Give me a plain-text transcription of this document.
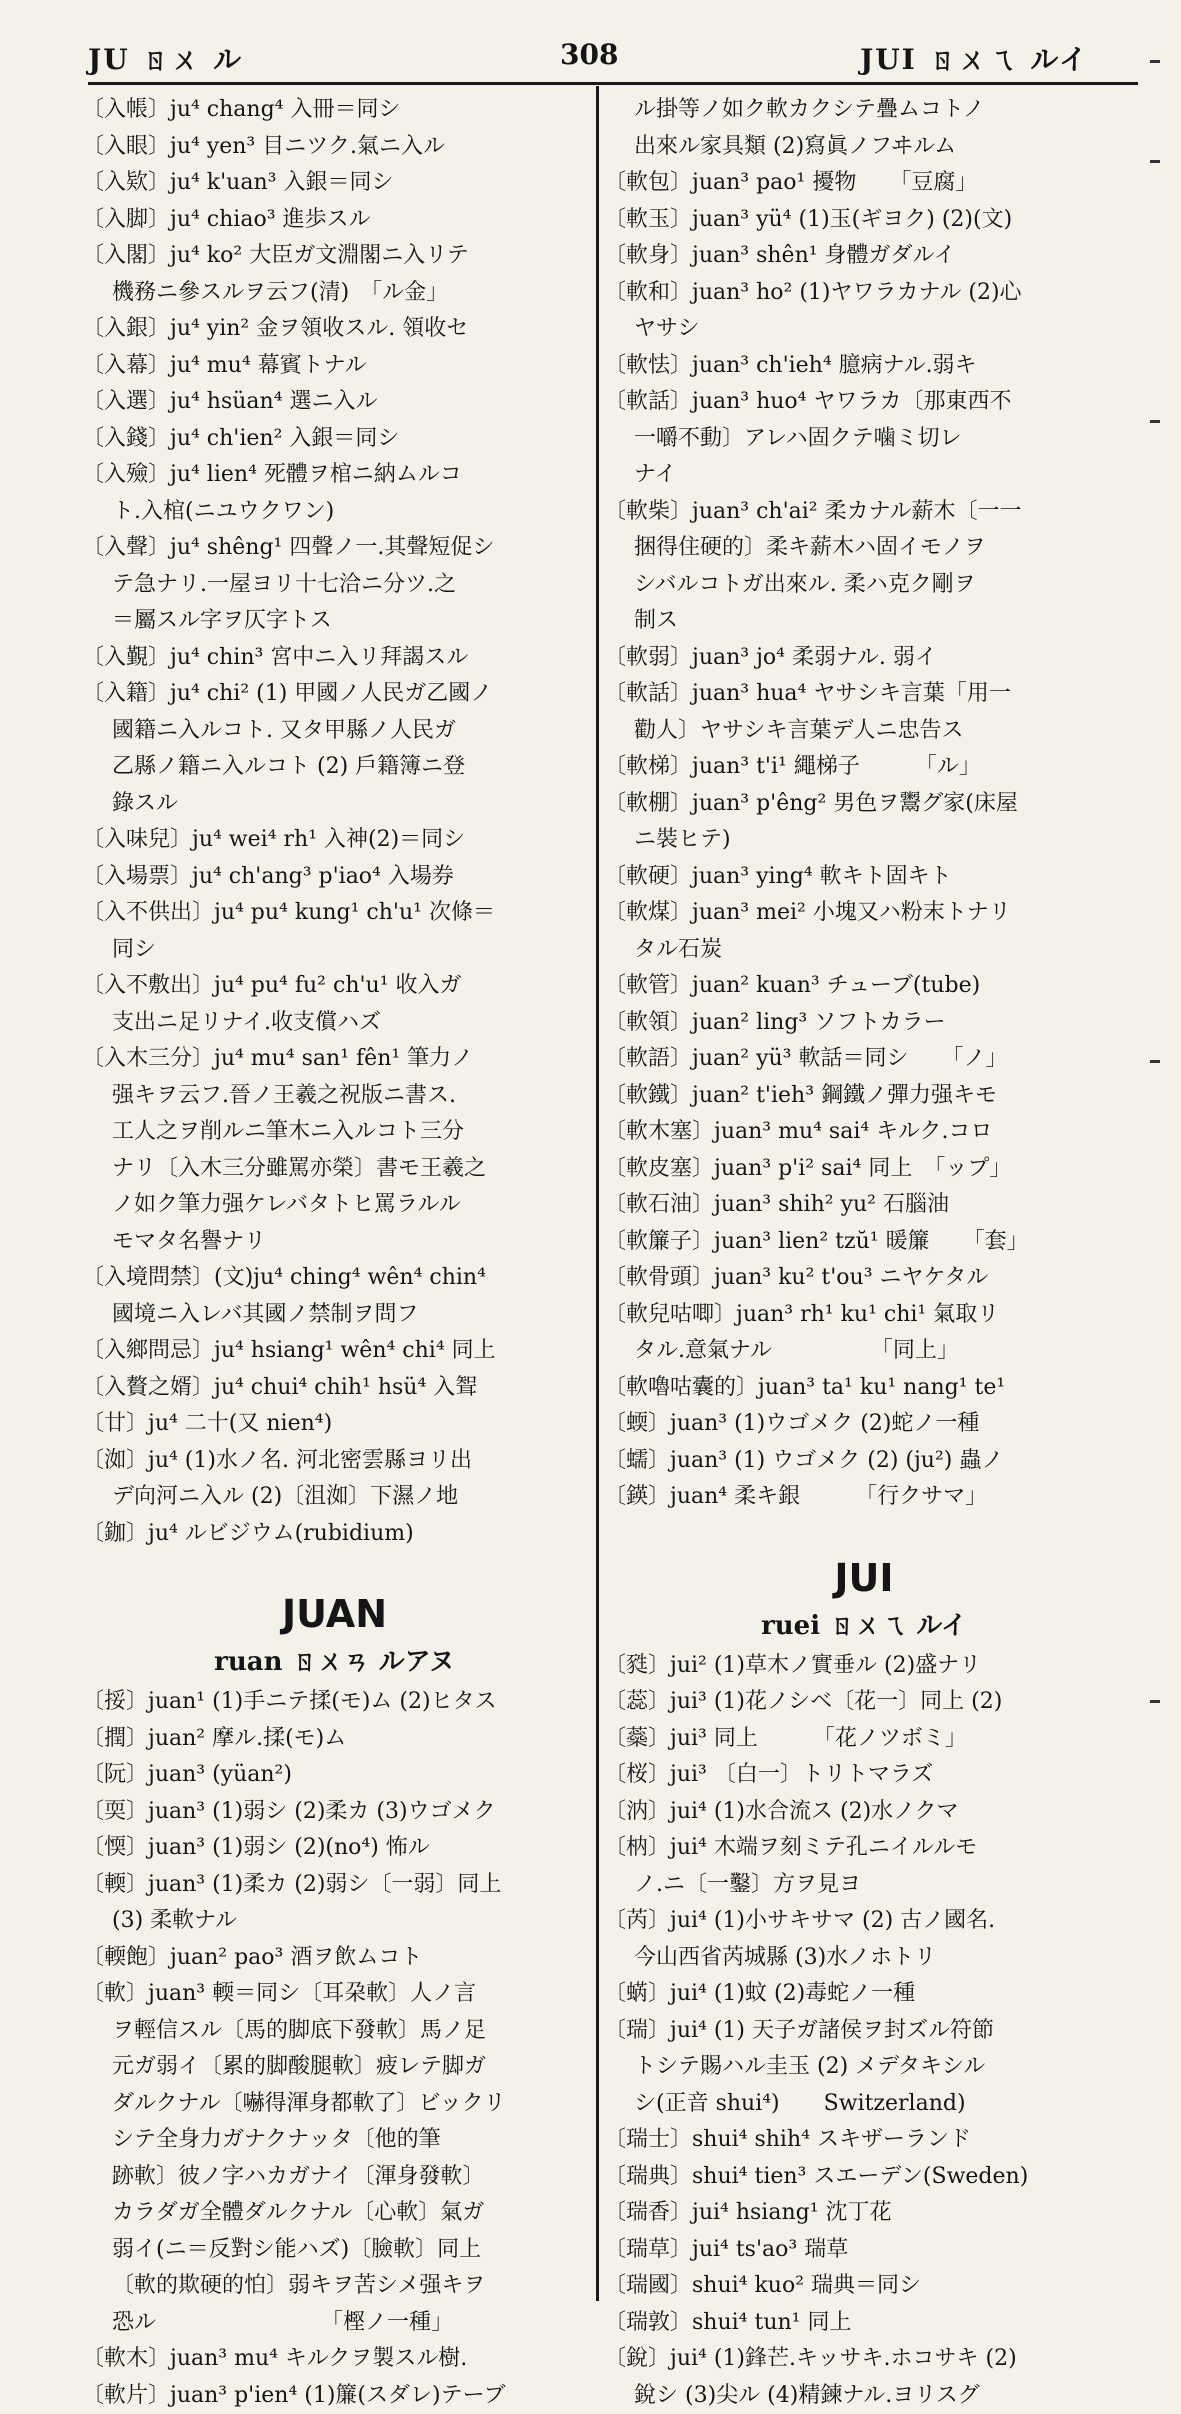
JU ㄖㄨ ル	308	JUI ㄖㄨㄟ ルイ
〔入帳〕ju⁴ chang⁴ 入冊＝同シ
〔入眼〕ju⁴ yen³ 目ニツク.氣ニ入ル
〔入欵〕ju⁴ k'uan³ 入銀＝同シ
〔入脚〕ju⁴ chiao³ 進歩スル
〔入閣〕ju⁴ ko² 大臣ガ文淵閣ニ入リテ
機務ニ參スルヲ云フ(清)　「ル金」
〔入銀〕ju⁴ yin² 金ヲ領收スル. 領收セ
〔入幕〕ju⁴ mu⁴ 幕賓トナル
〔入選〕ju⁴ hsüan⁴ 選ニ入ル
〔入錢〕ju⁴ ch'ien² 入銀＝同シ
〔入殮〕ju⁴ lien⁴ 死體ヲ棺ニ納ムルコ
ト.入棺(ニユウクワン)
〔入聲〕ju⁴ shêng¹ 四聲ノ一.其聲短促シ
テ急ナリ.一屋ヨリ十七洽ニ分ツ.之
＝屬スル字ヲ仄字トス
〔入覲〕ju⁴ chin³ 宮中ニ入リ拜謁スル
〔入籍〕ju⁴ chi² (1) 甲國ノ人民ガ乙國ノ
國籍ニ入ルコト. 又タ甲縣ノ人民ガ
乙縣ノ籍ニ入ルコト (2) 戶籍簿ニ登
錄スル
〔入味兒〕ju⁴ wei⁴ rh¹ 入神(2)＝同シ
〔入場票〕ju⁴ ch'ang³ p'iao⁴ 入場券
〔入不供出〕ju⁴ pu⁴ kung¹ ch'u¹ 次條＝
同シ
〔入不敷出〕ju⁴ pu⁴ fu² ch'u¹ 收入ガ
支出ニ足リナイ.收支償ハズ
〔入木三分〕ju⁴ mu⁴ san¹ fên¹ 筆力ノ
强キヲ云フ.晉ノ王羲之祝版ニ書ス.
工人之ヲ削ルニ筆木ニ入ルコト三分
ナリ〔入木三分雖罵亦榮〕書モ王羲之
ノ如ク筆力强ケレバタトヒ罵ラルル
モマタ名譽ナリ
〔入境問禁〕(文)ju⁴ ching⁴ wên⁴ chin⁴
國境ニ入レバ其國ノ禁制ヲ問フ
〔入鄉問忌〕ju⁴ hsiang¹ wên⁴ chi⁴ 同上
〔入贅之婿〕ju⁴ chui⁴ chih¹ hsü⁴ 入聟
〔廿〕ju⁴ 二十(又 nien⁴)
〔洳〕ju⁴ (1)水ノ名. 河北密雲縣ヨリ出
デ向河ニ入ル (2)〔沮洳〕下濕ノ地
〔鉫〕ju⁴ ルビジウム(rubidium)
JUAN
ruan ㄖㄨㄢ ルアヌ
〔挼〕juan¹ (1)手ニテ揉(モ)ム (2)ヒタス
〔撋〕juan² 摩ル.揉(モ)ム
〔阮〕juan³ (yüan²)
〔耎〕juan³ (1)弱シ (2)柔カ (3)ウゴメク
〔愞〕juan³ (1)弱シ (2)(no⁴) 怖ル
〔輭〕juan³ (1)柔カ (2)弱シ〔一弱〕同上
(3) 柔軟ナル
〔輭飽〕juan² pao³ 酒ヲ飲ムコト
〔軟〕juan³ 輭＝同シ〔耳朶軟〕人ノ言
ヲ輕信スル〔馬的脚底下發軟〕馬ノ足
元ガ弱イ〔累的脚酸腿軟〕疲レテ脚ガ
ダルクナル〔嚇得渾身都軟了〕ビックリ
シテ全身力ガナクナッタ〔他的筆
跡軟〕彼ノ字ハカガナイ〔渾身發軟〕
カラダガ全體ダルクナル〔心軟〕氣ガ
弱イ(ニ＝反對シ能ハズ)〔臉軟〕同上
〔軟的欺硬的怕〕弱キヲ苦シメ强キヲ
恐ル　　　　　　　　「樫ノ一種」
〔軟木〕juan³ mu⁴ キルクヲ製スル樹.
〔軟片〕juan³ p'ien⁴ (1)簾(スダレ)テーブ
ル掛等ノ如ク軟カクシテ疊ムコトノ
出來ル家具類 (2)寫眞ノフヰルム
〔軟包〕juan³ pao¹ 擾物　　「豆腐」
〔軟玉〕juan³ yü⁴ (1)玉(ギヨク) (2)(文)
〔軟身〕juan³ shên¹ 身體ガダルイ
〔軟和〕juan³ ho² (1)ヤワラカナル (2)心
ヤサシ
〔軟怯〕juan³ ch'ieh⁴ 臆病ナル.弱キ
〔軟話〕juan³ huo⁴ ヤワラカ〔那東西不
一嚼不動〕アレハ固クテ噛ミ切レ
ナイ
〔軟柴〕juan³ ch'ai² 柔カナル薪木〔一一
捆得住硬的〕柔キ薪木ハ固イモノヲ
シバルコトガ出來ル. 柔ハ克ク剛ヲ
制ス
〔軟弱〕juan³ jo⁴ 柔弱ナル. 弱イ
〔軟話〕juan³ hua⁴ ヤサシキ言葉「用一
勸人〕ヤサシキ言葉デ人ニ忠告ス
〔軟梯〕juan³ t'i¹ 繩梯子　　　「ル」
〔軟棚〕juan³ p'êng² 男色ヲ鬻グ家(床屋
ニ裝ヒテ)
〔軟硬〕juan³ ying⁴ 軟キト固キト
〔軟煤〕juan³ mei² 小塊又ハ粉末トナリ
タル石炭
〔軟管〕juan² kuan³ チューブ(tube)
〔軟領〕juan² ling³ ソフトカラー
〔軟語〕juan² yü³ 軟話＝同シ　　「ノ」
〔軟鐵〕juan² t'ieh³ 鋼鐵ノ彈力强キモ
〔軟木塞〕juan³ mu⁴ sai⁴ キルク.コロ
〔軟皮塞〕juan³ p'i² sai⁴ 同上　「ップ」
〔軟石油〕juan³ shih² yu² 石腦油
〔軟簾子〕juan³ lien² tzŭ¹ 暖簾　　「套」
〔軟骨頭〕juan³ ku² t'ou³ ニヤケタル
〔軟兒咕唧〕juan³ rh¹ ku¹ chi¹ 氣取リ
タル.意氣ナル　　　　　「同上」
〔軟嚕咕囊的〕juan³ ta¹ ku¹ nang¹ te¹
〔蝡〕juan³ (1)ウゴメク (2)蛇ノ一種
〔蠕〕juan³ (1) ウゴメク (2) (ju²) 蟲ノ
〔鍈〕juan⁴ 柔キ銀　　　「行クサマ」
JUI
ruei ㄖㄨㄟ ルイ
〔甤〕jui² (1)草木ノ實垂ル (2)盛ナリ
〔蕊〕jui³ (1)花ノシベ〔花一〕同上 (2)
〔蘂〕jui³ 同上　　　「花ノツボミ」
〔桜〕jui³ 〔白一〕トリトマラズ
〔汭〕jui⁴ (1)水合流ス (2)水ノクマ
〔枘〕jui⁴ 木端ヲ刻ミテ孔ニイルルモ
ノ.ニ〔一鑿〕方ヲ見ヨ
〔芮〕jui⁴ (1)小サキサマ (2) 古ノ國名.
今山西省芮城縣 (3)水ノホトリ
〔蜹〕jui⁴ (1)蚊 (2)毒蛇ノ一種
〔瑞〕jui⁴ (1) 天子ガ諸侯ヲ封ズル符節
トシテ賜ハル圭玉 (2) メデタキシル
シ(正音 shui⁴)　　Switzerland)
〔瑞士〕shui⁴ shih⁴ スキザーランド
〔瑞典〕shui⁴ tien³ スエーデン(Sweden)
〔瑞香〕jui⁴ hsiang¹ 沈丁花
〔瑞草〕jui⁴ ts'ao³ 瑞草
〔瑞國〕shui⁴ kuo² 瑞典＝同シ
〔瑞敦〕shui⁴ tun¹ 同上
〔銳〕jui⁴ (1)鋒芒.キッサキ.ホコサキ (2)
銳シ (3)尖ル (4)精鍊ナル.ヨリスグ
